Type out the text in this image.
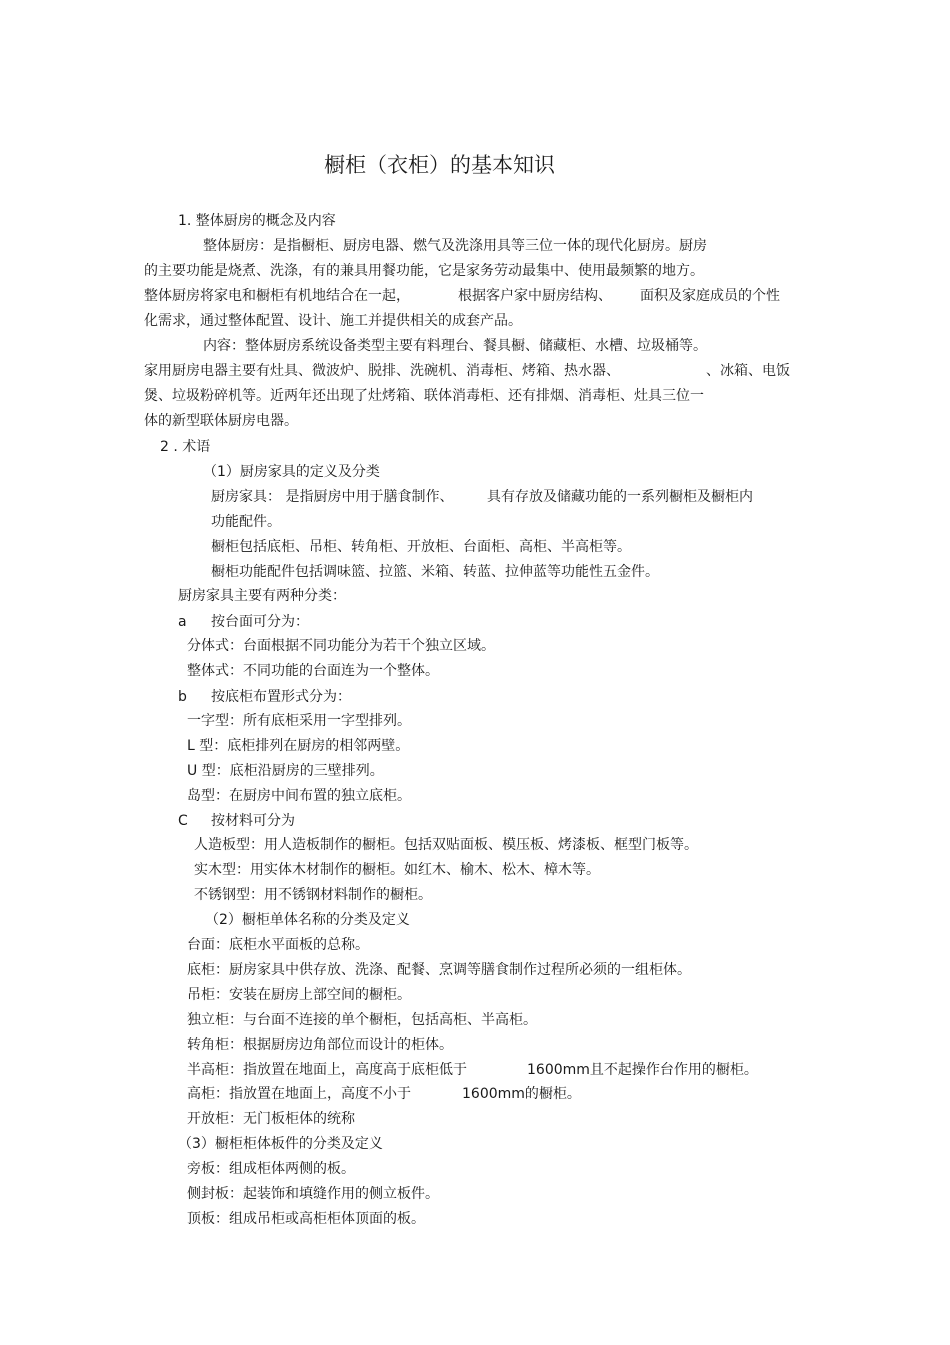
橱柜（衣柜）的基本知识
1. 整体厨房的概念及内容
整体厨房：是指橱柜、厨房电器、燃气及洗涤用具等三位一体的现代化厨房。厨房
的主要功能是烧煮、洗涤，有的兼具用餐功能，它是家务劳动最集中、使用最频繁的地方。
整体厨房将家电和橱柜有机地结合在一起，	根据客户家中厨房结构、 面积及家庭成员的个性
化需求，通过整体配置、设计、施工并提供相关的成套产品。
内容：整体厨房系统设备类型主要有料理台、餐具橱、储藏柜、水槽、垃圾桶等。
家用厨房电器主要有灶具、微波炉、脱排、洗碗机、消毒柜、烤箱、热水器、	、冰箱、电饭
煲、垃圾粉碎机等。近两年还出现了灶烤箱、联体消毒柜、还有排烟、消毒柜、灶具三位一
体的新型联体厨房电器。
2 . 术语
（1）厨房家具的定义及分类
厨房家具： 是指厨房中用于膳食制作、 具有存放及储藏功能的一系列橱柜及橱柜内
功能配件。
橱柜包括底柜、吊柜、转角柜、开放柜、台面柜、高柜、半高柜等。
橱柜功能配件包括调味篮、拉篮、米箱、转蓝、拉伸蓝等功能性五金件。
厨房家具主要有两种分类：
a 按台面可分为：
分体式：台面根据不同功能分为若干个独立区域。
整体式：不同功能的台面连为一个整体。
b 按底柜布置形式分为：
一字型：所有底柜采用一字型排列。
L 型：底柜排列在厨房的相邻两壁。
U 型：底柜沿厨房的三壁排列。
岛型：在厨房中间布置的独立底柜。
C 按材料可分为
人造板型：用人造板制作的橱柜。包括双贴面板、模压板、烤漆板、框型门板等。
实木型：用实体木材制作的橱柜。如红木、榆木、松木、樟木等。
不锈钢型：用不锈钢材料制作的橱柜。
（2）橱柜单体名称的分类及定义
台面：底柜水平面板的总称。
底柜：厨房家具中供存放、洗涤、配餐、烹调等膳食制作过程所必须的一组柜体。
吊柜：安装在厨房上部空间的橱柜。
独立柜：与台面不连接的单个橱柜，包括高柜、半高柜。
转角柜：根据厨房边角部位而设计的柜体。
半高柜：指放置在地面上，高度高于底柜低于	1600mm且不起操作台作用的橱柜。
高柜：指放置在地面上，高度不小于	1600mm的橱柜。
开放柜：无门板柜体的统称
（3）橱柜柜体板件的分类及定义
旁板：组成柜体两侧的板。
侧封板：起装饰和填缝作用的侧立板件。
顶板：组成吊柜或高柜柜体顶面的板。
